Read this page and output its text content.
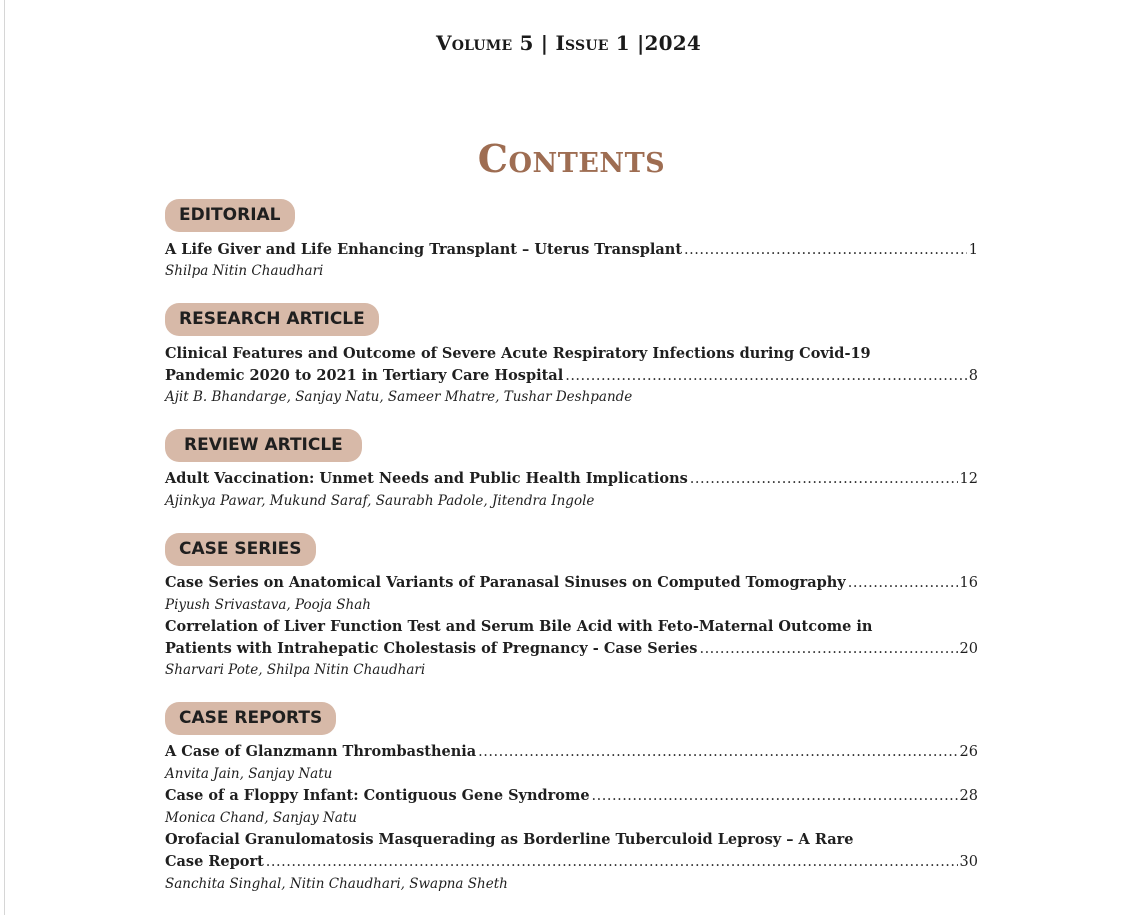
Volume 5 | Issue 1 |2024
Contents
EDITORIAL
A Life Giver and Life Enhancing Transplant – Uterus Transplant .....	1
Shilpa Nitin Chaudhari
RESEARCH ARTICLE
Clinical Features and Outcome of Severe Acute Respiratory Infections during Covid-19
Pandemic 2020 to 2021 in Tertiary Care Hospital .....	8
Ajit B. Bhandarge, Sanjay Natu, Sameer Mhatre, Tushar Deshpande
REVIEW ARTICLE
Adult Vaccination: Unmet Needs and Public Health Implications .....	12
Ajinkya Pawar, Mukund Saraf, Saurabh Padole, Jitendra Ingole
CASE SERIES
Case Series on Anatomical Variants of Paranasal Sinuses on Computed Tomography .....	16
Piyush Srivastava, Pooja Shah
Correlation of Liver Function Test and Serum Bile Acid with Feto-Maternal Outcome in
Patients with Intrahepatic Cholestasis of Pregnancy - Case Series .....	20
Sharvari Pote, Shilpa Nitin Chaudhari
CASE REPORTS
A Case of Glanzmann Thrombasthenia .....	26
Anvita Jain, Sanjay Natu
Case of a Floppy Infant: Contiguous Gene Syndrome .....	28
Monica Chand, Sanjay Natu
Orofacial Granulomatosis Masquerading as Borderline Tuberculoid Leprosy – A Rare
Case Report .....	30
Sanchita Singhal, Nitin Chaudhari, Swapna Sheth
